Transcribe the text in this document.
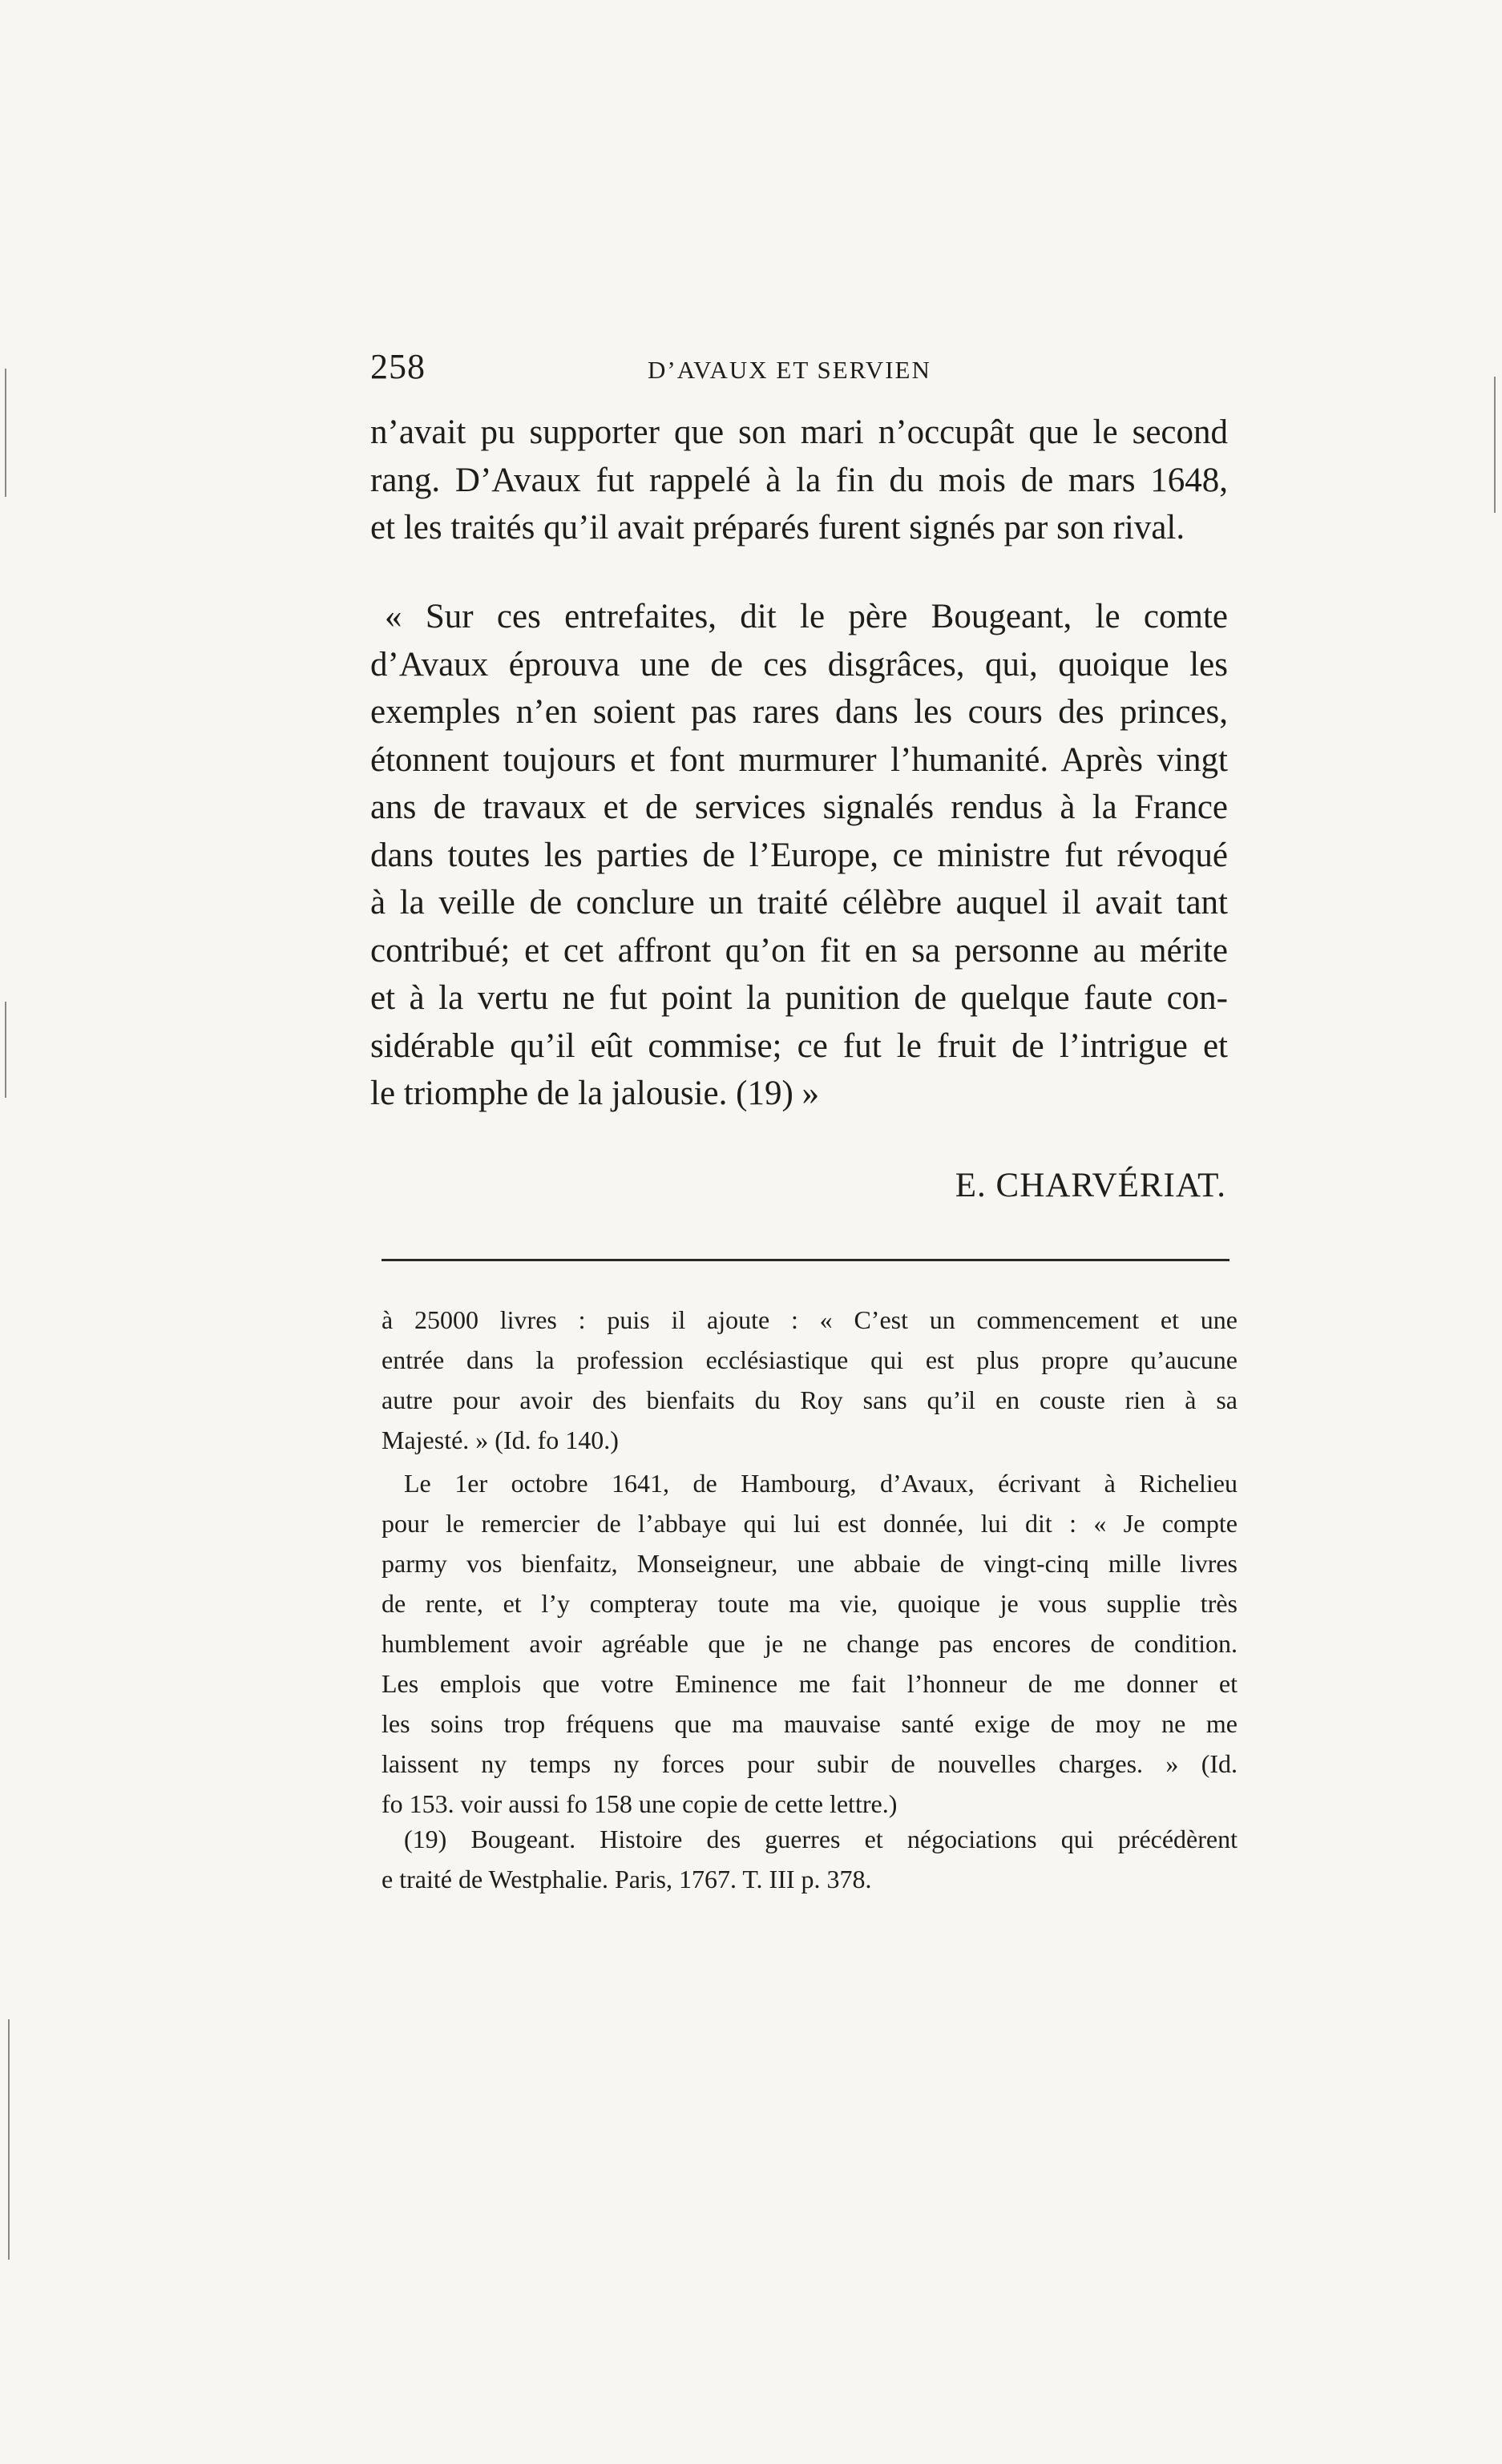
258	D’AVAUX ET SERVIEN
n’avait pu supporter que son mari n’occupât que le second
rang. D’Avaux fut rappelé à la fin du mois de mars 1648,
et les traités qu’il avait préparés furent signés par son rival.
« Sur ces entrefaites, dit le père Bougeant, le comte
d’Avaux éprouva une de ces disgrâces, qui, quoique les
exemples n’en soient pas rares dans les cours des princes,
étonnent toujours et font murmurer l’humanité. Après vingt
ans de travaux et de services signalés rendus à la France
dans toutes les parties de l’Europe, ce ministre fut révoqué
à la veille de conclure un traité célèbre auquel il avait tant
contribué; et cet affront qu’on fit en sa personne au mérite
et à la vertu ne fut point la punition de quelque faute con-
sidérable qu’il eût commise; ce fut le fruit de l’intrigue et
le triomphe de la jalousie. (19) »
E. CHARVÉRIAT.
à 25000 livres : puis il ajoute : « C’est un commencement et une
entrée dans la profession ecclésiastique qui est plus propre qu’aucune
autre pour avoir des bienfaits du Roy sans qu’il en couste rien à sa
Majesté. » (Id. fo 140.)
Le 1er octobre 1641, de Hambourg, d’Avaux, écrivant à Richelieu
pour le remercier de l’abbaye qui lui est donnée, lui dit : « Je compte
parmy vos bienfaitz, Monseigneur, une abbaie de vingt-cinq mille livres
de rente, et l’y compteray toute ma vie, quoique je vous supplie très
humblement avoir agréable que je ne change pas encores de condition.
Les emplois que votre Eminence me fait l’honneur de me donner et
les soins trop fréquens que ma mauvaise santé exige de moy ne me
laissent ny temps ny forces pour subir de nouvelles charges. » (Id.
fo 153. voir aussi fo 158 une copie de cette lettre.)
(19) Bougeant. Histoire des guerres et négociations qui précédèrent
e traité de Westphalie. Paris, 1767. T. III p. 378.
